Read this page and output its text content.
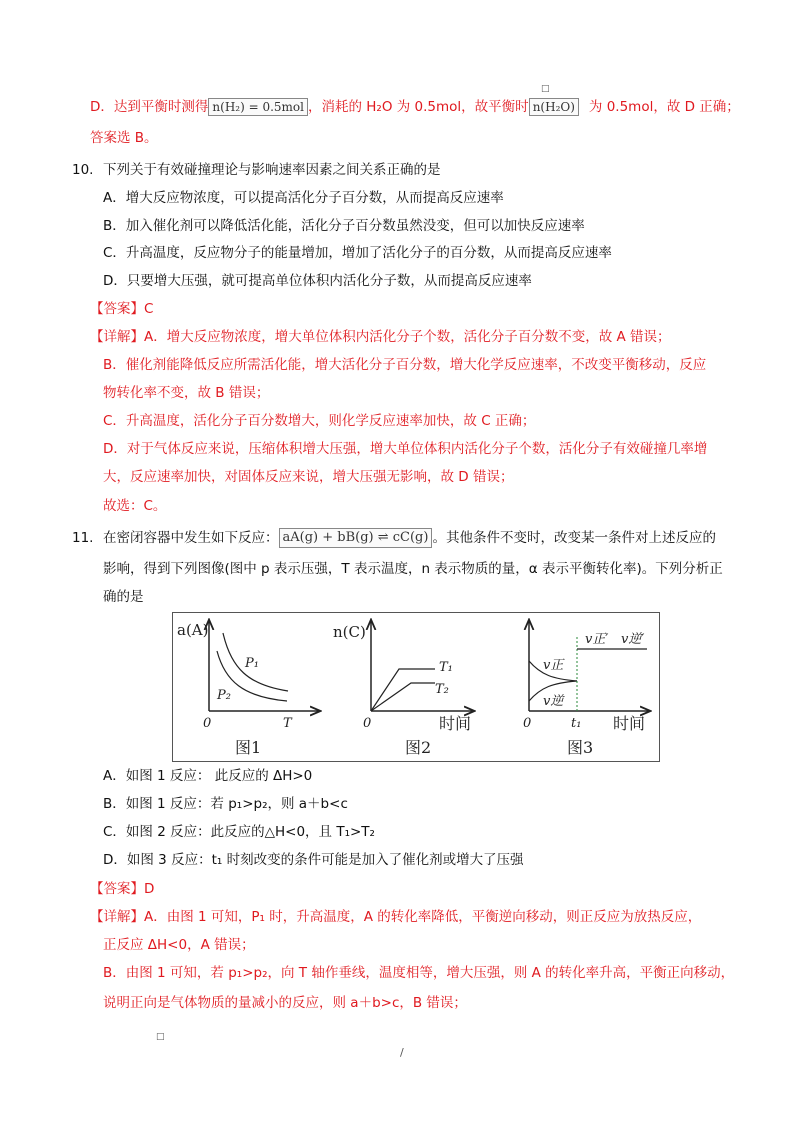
□
D．达到平衡时测得 n(H₂) = 0.5mol ，消耗的 H₂O 为 0.5mol，故平衡时 n(H₂O) 为 0.5mol，故 D 正确；
答案选 B。
10. 下列关于有效碰撞理论与影响速率因素之间关系正确的是
A．增大反应物浓度，可以提高活化分子百分数，从而提高反应速率
B．加入催化剂可以降低活化能，活化分子百分数虽然没变，但可以加快反应速率
C．升高温度，反应物分子的能量增加，增加了活化分子的百分数，从而提高反应速率
D．只要增大压强，就可提高单位体积内活化分子数，从而提高反应速率
【答案】C
【详解】A．增大反应物浓度，增大单位体积内活化分子个数，活化分子百分数不变，故 A 错误；
B．催化剂能降低反应所需活化能，增大活化分子百分数，增大化学反应速率，不改变平衡移动，反应
物转化率不变，故 B 错误；
C．升高温度，活化分子百分数增大，则化学反应速率加快，故 C 正确；
D．对于气体反应来说，压缩体积增大压强，增大单位体积内活化分子个数，活化分子有效碰撞几率增
大，反应速率加快，对固体反应来说，增大压强无影响，故 D 错误；
故选：C。
11. 在密闭容器中发生如下反应： aA(g) + bB(g) ⇌ cC(g) 。其他条件不变时，改变某一条件对上述反应的
影响，得到下列图像(图中 p 表示压强，T 表示温度，n 表示物质的量，α 表示平衡转化率)。下列分析正
确的是
a(A)
P₁
P₂
0	T
图1
n(C)
T₁
T₂
0	时间
图2
v正′ v逆′
v正
v逆
0	t₁ 时间
图3
A．如图 1 反应： 此反应的 ΔH>0
B．如图 1 反应：若 p₁>p₂，则 a＋b<c
C．如图 2 反应：此反应的△H<0，且 T₁>T₂
D．如图 3 反应：t₁ 时刻改变的条件可能是加入了催化剂或增大了压强
【答案】D
【详解】A．由图 1 可知，P₁ 时，升高温度，A 的转化率降低，平衡逆向移动，则正反应为放热反应，
正反应 ΔH<0，A 错误；
B．由图 1 可知，若 p₁>p₂，向 T 轴作垂线，温度相等，增大压强，则 A 的转化率升高，平衡正向移动，
说明正向是气体物质的量减小的反应，则 a＋b>c，B 错误；
□
/
